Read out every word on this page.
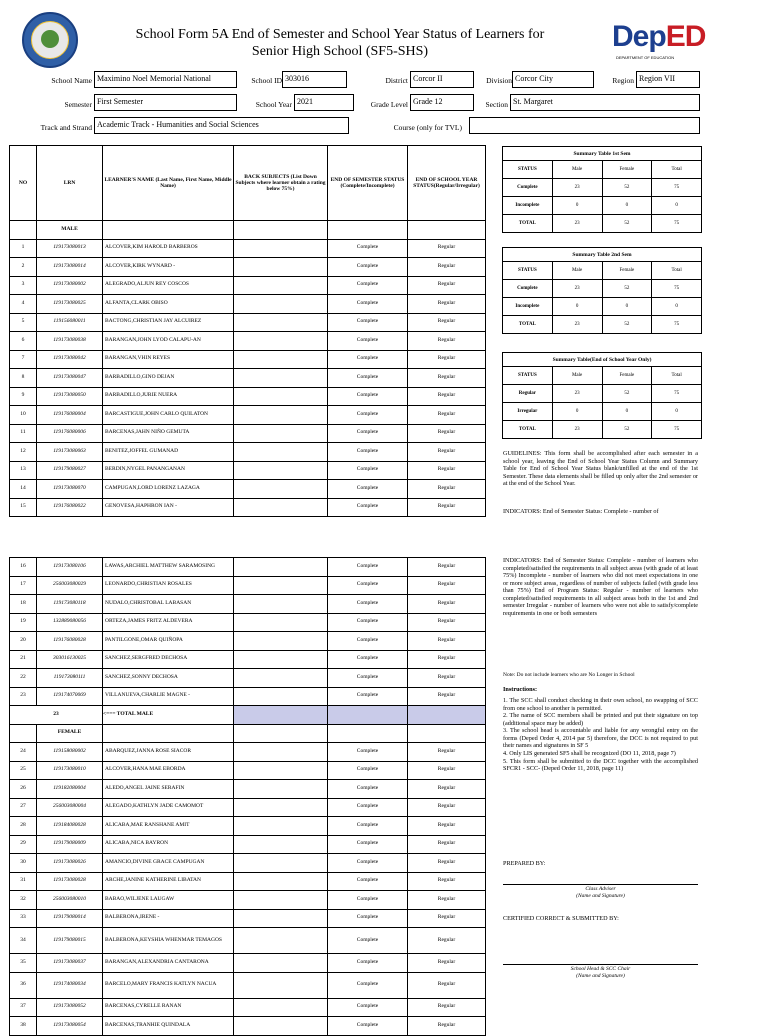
School Form 5A End of Semester and School Year Status of Learners for
Senior High School (SF5-SHS)	DepED
DEPARTMENT OF EDUCATION
School Name Maximino Noel Memorial National	School ID 303016	District Corcor II	Division Corcor City	Region Region VII
Semester First Semester	School Year 2021	Grade Level Grade 12	Section St. Margaret
Track and Strand Academic Track - Humanities and Social Sciences	Course (only for TVL)
NO	LRN	LEARNER'S NAME (Last Name, First Name, Middle Name)	BACK SUBJECTS (List Down Subjects where learner obtain a rating below 75%)	END OF SEMESTER STATUS (Complete/Incomplete)	END OF SCHOOL YEAR STATUS(Regular/Irregular)
	MALE				
1	119173080013	ALCOVER,KIM HAROLD BARBEROS		Complete	Regular
2	119173080014	ALCOVER,KIRK WYNARD -		Complete	Regular
3	119173080002	ALEGRADO,ALJUN REY COSCOS		Complete	Regular
4	119173080025	ALFANTA,CLARK OBISO		Complete	Regular
5	119156080011	BACTONG,CHRISTIAN JAY ALCUIREZ		Complete	Regular
6	119173080038	BARANGAN,JOHN LYOD CALAPU-AN		Complete	Regular
7	119173080042	BARANGAN,VHIN REYES		Complete	Regular
8	119173080047	BARBADILLO,GINO DEJAN		Complete	Regular
9	119173080050	BARBADILLO,JURIE NUERA		Complete	Regular
10	119176080004	BARCASTIGUE,JOHN CARLO QUILATON		Complete	Regular
11	119176080006	BARCENAS,JAHN NIÑO GEMUTA		Complete	Regular
12	119173080063	BENITEZ,JOFFEL GUMANAD		Complete	Regular
13	119179080027	BERDIN,NYGEL PANANGANAN		Complete	Regular
14	119173080070	CAMPUGAN,LORD LORENZ LAZAGA		Complete	Regular
15	119176080022	GENOVESA,HAPHRON IAN -		Complete	Regular
16	119173080106	LAWAS,ARCHIEL MATTHEW SARAMOSING		Complete	Regular
17	256003080029	LEONARDO,CHRISTIAN ROSALES		Complete	Regular
18	119173080118	NUDALO,CHRISTOBAL LABASAN		Complete	Regular
19	132889080056	ORTEZA,JAMES FRITZ ALDEVERA		Complete	Regular
20	119176080028	PANTILGONE,OMAR QUIÑOPA		Complete	Regular
21	303016130025	SANCHEZ,SERGFRED DECHOSA		Complete	Regular
22	119173080111	SANCHEZ,SONNY DECHOSA		Complete	Regular
23	119174070069	VILLANUEVA,CHARLIE MAGNE -		Complete	Regular
23		<=== TOTAL MALE			
	FEMALE				
24	119158080002	ABARQUEZ,JANNA ROSE SIACOR		Complete	Regular
25	119173080010	ALCOVER,HANA MAE EBORDA		Complete	Regular
26	119182080004	ALEDO,ANGEL JAINE SERAFIN		Complete	Regular
27	256003080004	ALEGADO,KATHLYN JADE CAMOMOT		Complete	Regular
28	119184080028	ALICABA,MAE RANSHANE AMIT		Complete	Regular
29	119179080009	ALICABA,NICA BAYRON		Complete	Regular
30	119173080026	AMANCIO,DIVINE GRACE CAMPUGAN		Complete	Regular
31	119173080028	ARCHE,JANINE KATHERINE LIBATAN		Complete	Regular
32	256003080010	BABAO,WILJENE LAUGAW		Complete	Regular
33	119179080014	BALBERONA,IRENE -		Complete	Regular
34	119179080015	BALBERONA,KEYSHIA WHENMAR TEMAGOS		Complete	Regular
35	119173080037	BARANGAN,ALEXANDRIA CANTARONA		Complete	Regular
36	119174080034	BARCELO,MARY FRANCIS KATLYN NACUA		Complete	Regular
37	119173080052	BARCENAS,CYRELLE RANAN		Complete	Regular
38	119173080054	BARCENAS,TRANHIE QUINDALA		Complete	Regular
Summary Table 1st Sem			
STATUS	Male	Female	Total
Complete	23	52	75
Incomplete	0	0	0
TOTAL	23	52	75
Summary Table 2nd Sem			
STATUS	Male	Female	Total
Complete	23	52	75
Incomplete	0	0	0
TOTAL	23	52	75
Summary Table(End of School Year Only)			
STATUS	Male	Female	Total
Regular	23	52	75
Irregular	0	0	0
TOTAL	23	52	75
GUIDELINES: This form shall be accomplished after each semester in a school year, leaving the End of School Year Status Column and Summary Table for End of School Year Status blank/unfilled at the end of the 1st Semester. These data elements shall be filled up only after the 2nd semester or at the end of the School Year.
INDICATORS: End of Semester Status: Complete - number of
INDICATORS: End of Semester Status: Complete - number of learners who completed/satisfied the requirements in all subject areas (with grade of at least 75%) Incomplete - number of learners who did not meet expectations in one or more subject areas, regardless of number of subjects failed (with grade less than 75%) End of Program Status: Regular - number of learners who completed/satisfied requirements in all subject areas both in the 1st and 2nd semester Irregular - number of learners who were not able to satisfy/complete requirements in one or both semesters
Note: Do not include learners who are No Longer in School
Instructions:
1. The SCC shall conduct checking in their own school, no swapping of SCC from one school to another is permitted.
2. The name of SCC members shall be printed and put their signature on top (additional space may be added)
3. The school head is accountable and liable for any wrongful entry on the forms (Deped Order 4, 2014 par 5) therefore, the DCC is not required to put their names and signatures in SF 5
4. Only LIS generated SF5 shall be recognized (DO 11, 2018, page 7)
5. This form shall be submitted to the DCC together with the accomplished SFCR1 - SCC- (Deped Order 11, 2018, page 11)
PREPARED BY:
Class Adviser
(Name and Signature)
CERTIFIED CORRECT & SUBMITTED BY:
School Head & SCC Chair
(Name and Signature)
